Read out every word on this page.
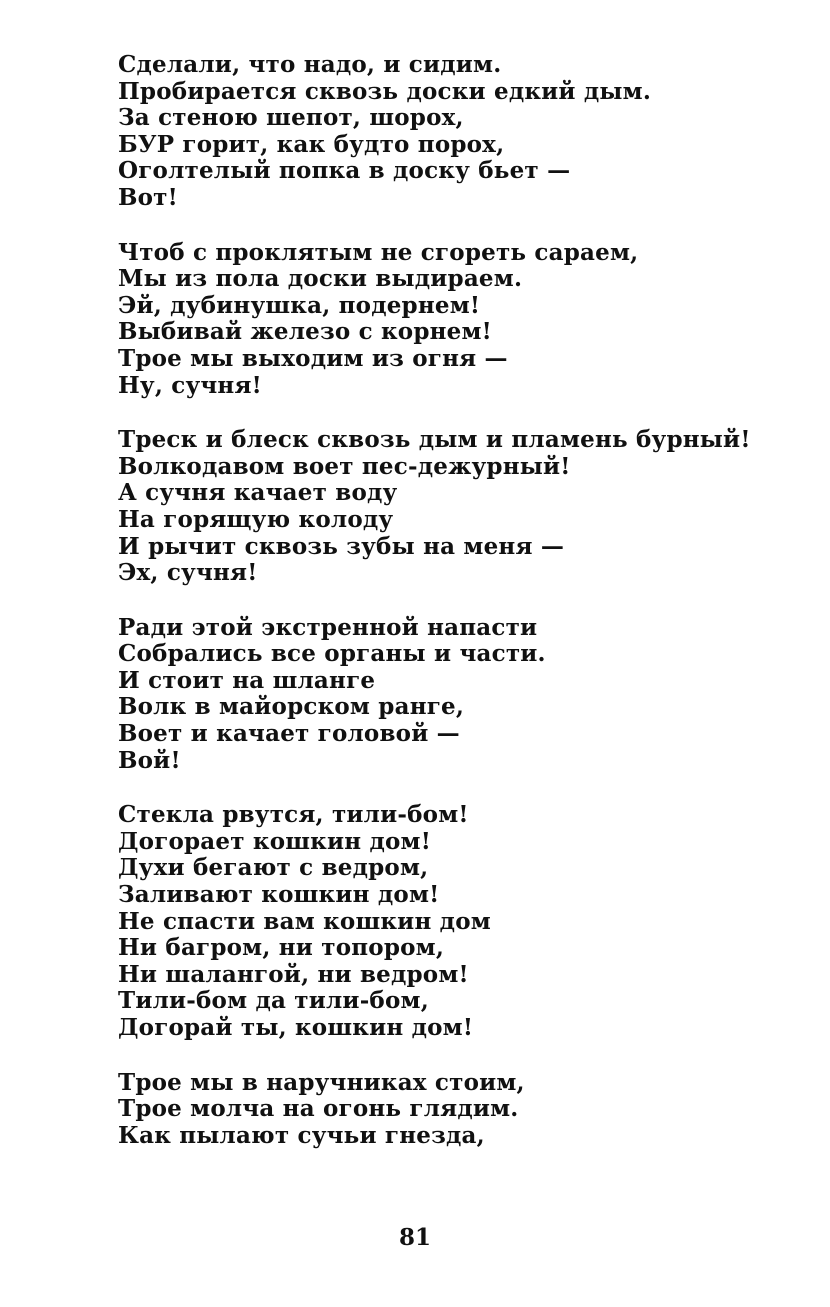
Сделали, что надо, и сидим.
Пробирается сквозь доски едкий дым.
За стеною шепот, шорох,
БУР горит, как будто порох,
Оголтелый попка в доску бьет —
Вот!
Чтоб с проклятым не сгореть сараем,
Мы из пола доски выдираем.
Эй, дубинушка, подернем!
Выбивай железо с корнем!
Трое мы выходим из огня —
Ну, сучня!
Треск и блеск сквозь дым и пламень бурный!
Волкодавом воет пес-дежурный!
А сучня качает воду
На горящую колоду
И рычит сквозь зубы на меня —
Эх, сучня!
Ради этой экстренной напасти
Собрались все органы и части.
И стоит на шланге
Волк в майорском ранге,
Воет и качает головой —
Вой!
Стекла рвутся, тили-бом!
Догорает кошкин дом!
Духи бегают с ведром,
Заливают кошкин дом!
Не спасти вам кошкин дом
Ни багром, ни топором,
Ни шалангой, ни ведром!
Тили-бом да тили-бом,
Догорай ты, кошкин дом!
Трое мы в наручниках стоим,
Трое молча на огонь глядим.
Как пылают сучьи гнезда,
81
